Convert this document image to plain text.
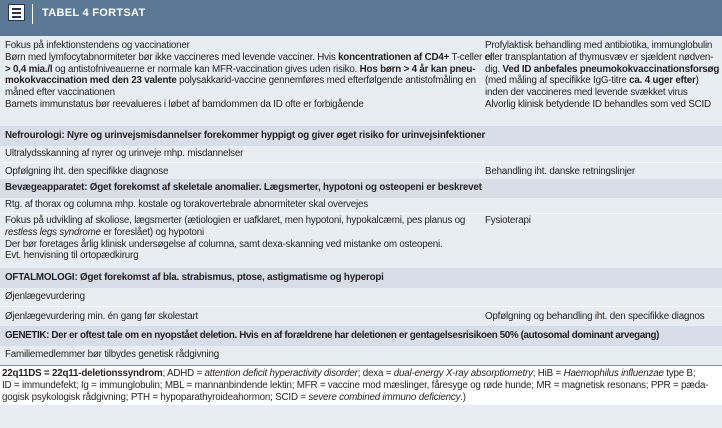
TABEL 4 FORTSAT
Fokus på infektionstendens og vaccinationer
Børn med lymfocytabnormiteter bør ikke vaccineres med levende vacciner. Hvis koncentrationen af CD4+ T-celler er
> 0,4 mia./l og antistofniveauerne er normale kan MFR-vaccination gives uden risiko. Hos børn > 4 år kan pneu-
mokokvaccination med den 23 valente polysakkarid-vaccine gennemføres med efterfølgende antistofmåling en
måned efter vaccinationen
Barnets immunstatus bør reevalueres i løbet af barndommen da ID ofte er forbigående
Profylaktisk behandling med antibiotika, immunglobulin
eller transplantation af thymusvæv er sjældent nødven-
dig. Ved ID anbefales pneumokokvaccinationsforsøg
(med måling af specifikke IgG-titre ca. 4 uger efter)
inden der vaccineres med levende svækket virus
Alvorlig klinisk betydende ID behandles som ved SCID
Nefrourologi: Nyre og urinvejsmisdannelser forekommer hyppigt og giver øget risiko for urinvejsinfektioner
Ultralydsskanning af nyrer og urinveje mhp. misdannelser
Opfølgning iht. den specifikke diagnose	Behandling iht. danske retningslinjer
Bevægeapparatet: Øget forekomst af skeletale anomalier. Lægsmerter, hypotoni og osteopeni er beskrevet
Rtg. af thorax og columna mhp. kostale og torakovertebrale abnormiteter skal overvejes
Fokus på udvikling af skoliose, lægsmerter (ætiologien er uafklaret, men hypotoni, hypokalcæmi, pes planus og
restless legs syndrome er foreslået) og hypotoni
Der bør foretages årlig klinisk undersøgelse af columna, samt dexa-skanning ved mistanke om osteopeni.
Evt. henvisning til ortopædkirurg
Fysioterapi
OFTALMOLOGI: Øget forekomst af bla. strabismus, ptose, astigmatisme og hyperopi
Øjenlægevurdering
Øjenlægevurdering min. én gang før skolestart	Opfølgning og behandling iht. den specifikke diagnos
GENETIK: Der er oftest tale om en nyopstået deletion. Hvis en af forældrene har deletionen er gentagelsesrisikoen 50% (autosomal dominant arvegang)
Familiemedlemmer bør tilbydes genetisk rådgivning
22q11DS = 22q11-deletionssyndrom; ADHD = attention deficit hyperactivity disorder; dexa = dual-energy X-ray absorptiometry; HiB = Haemophilus influenzae type B;
ID = immundefekt; Ig = immunglobulin; MBL = mannanbindende lektin; MFR = vaccine mod mæslinger, fåresyge og røde hunde; MR = magnetisk resonans; PPR = pæda-
gogisk psykologisk rådgivning; PTH = hypoparathyroideahormon; SCID = severe combined immuno deficiency.)
